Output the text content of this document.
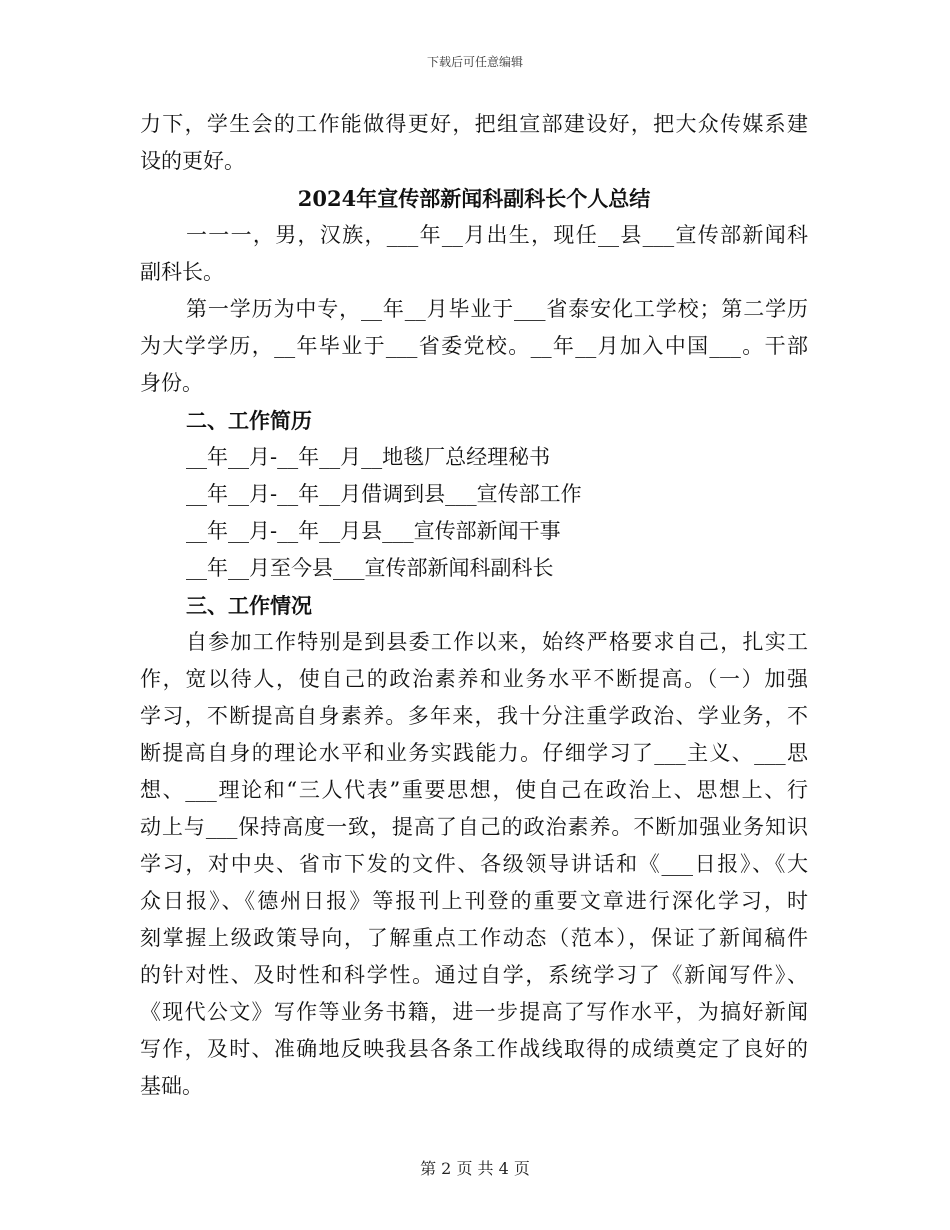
下载后可任意编辑
力下，学生会的工作能做得更好，把组宣部建设好，把大众传媒系建
设的更好。
2024年宣传部新闻科副科长个人总结
一一一，男，汉族，___年__月出生，现任__县___宣传部新闻科
副科长。
第一学历为中专，__年__月毕业于___省泰安化工学校；第二学历
为大学学历，__年毕业于___省委党校。__年__月加入中国___。干部
身份。
二、工作简历
__年__月-__年__月__地毯厂总经理秘书
__年__月-__年__月借调到县___宣传部工作
__年__月-__年__月县___宣传部新闻干事
__年__月至今县___宣传部新闻科副科长
三、工作情况
自参加工作特别是到县委工作以来，始终严格要求自己，扎实工
作，宽以待人，使自己的政治素养和业务水平不断提高。（一）加强
学习，不断提高自身素养。多年来，我十分注重学政治、学业务，不
断提高自身的理论水平和业务实践能力。仔细学习了___主义、___思
想、___理论和“三人代表”重要思想，使自己在政治上、思想上、行
动上与___保持高度一致，提高了自己的政治素养。不断加强业务知识
学习，对中央、省市下发的文件、各级领导讲话和《___日报》、《大
众日报》、《德州日报》等报刊上刊登的重要文章进行深化学习，时
刻掌握上级政策导向，了解重点工作动态（范本），保证了新闻稿件
的针对性、及时性和科学性。通过自学，系统学习了《新闻写件》、
《现代公文》写作等业务书籍，进一步提高了写作水平，为搞好新闻
写作，及时、准确地反映我县各条工作战线取得的成绩奠定了良好的
基础。
第 2 页 共 4 页
